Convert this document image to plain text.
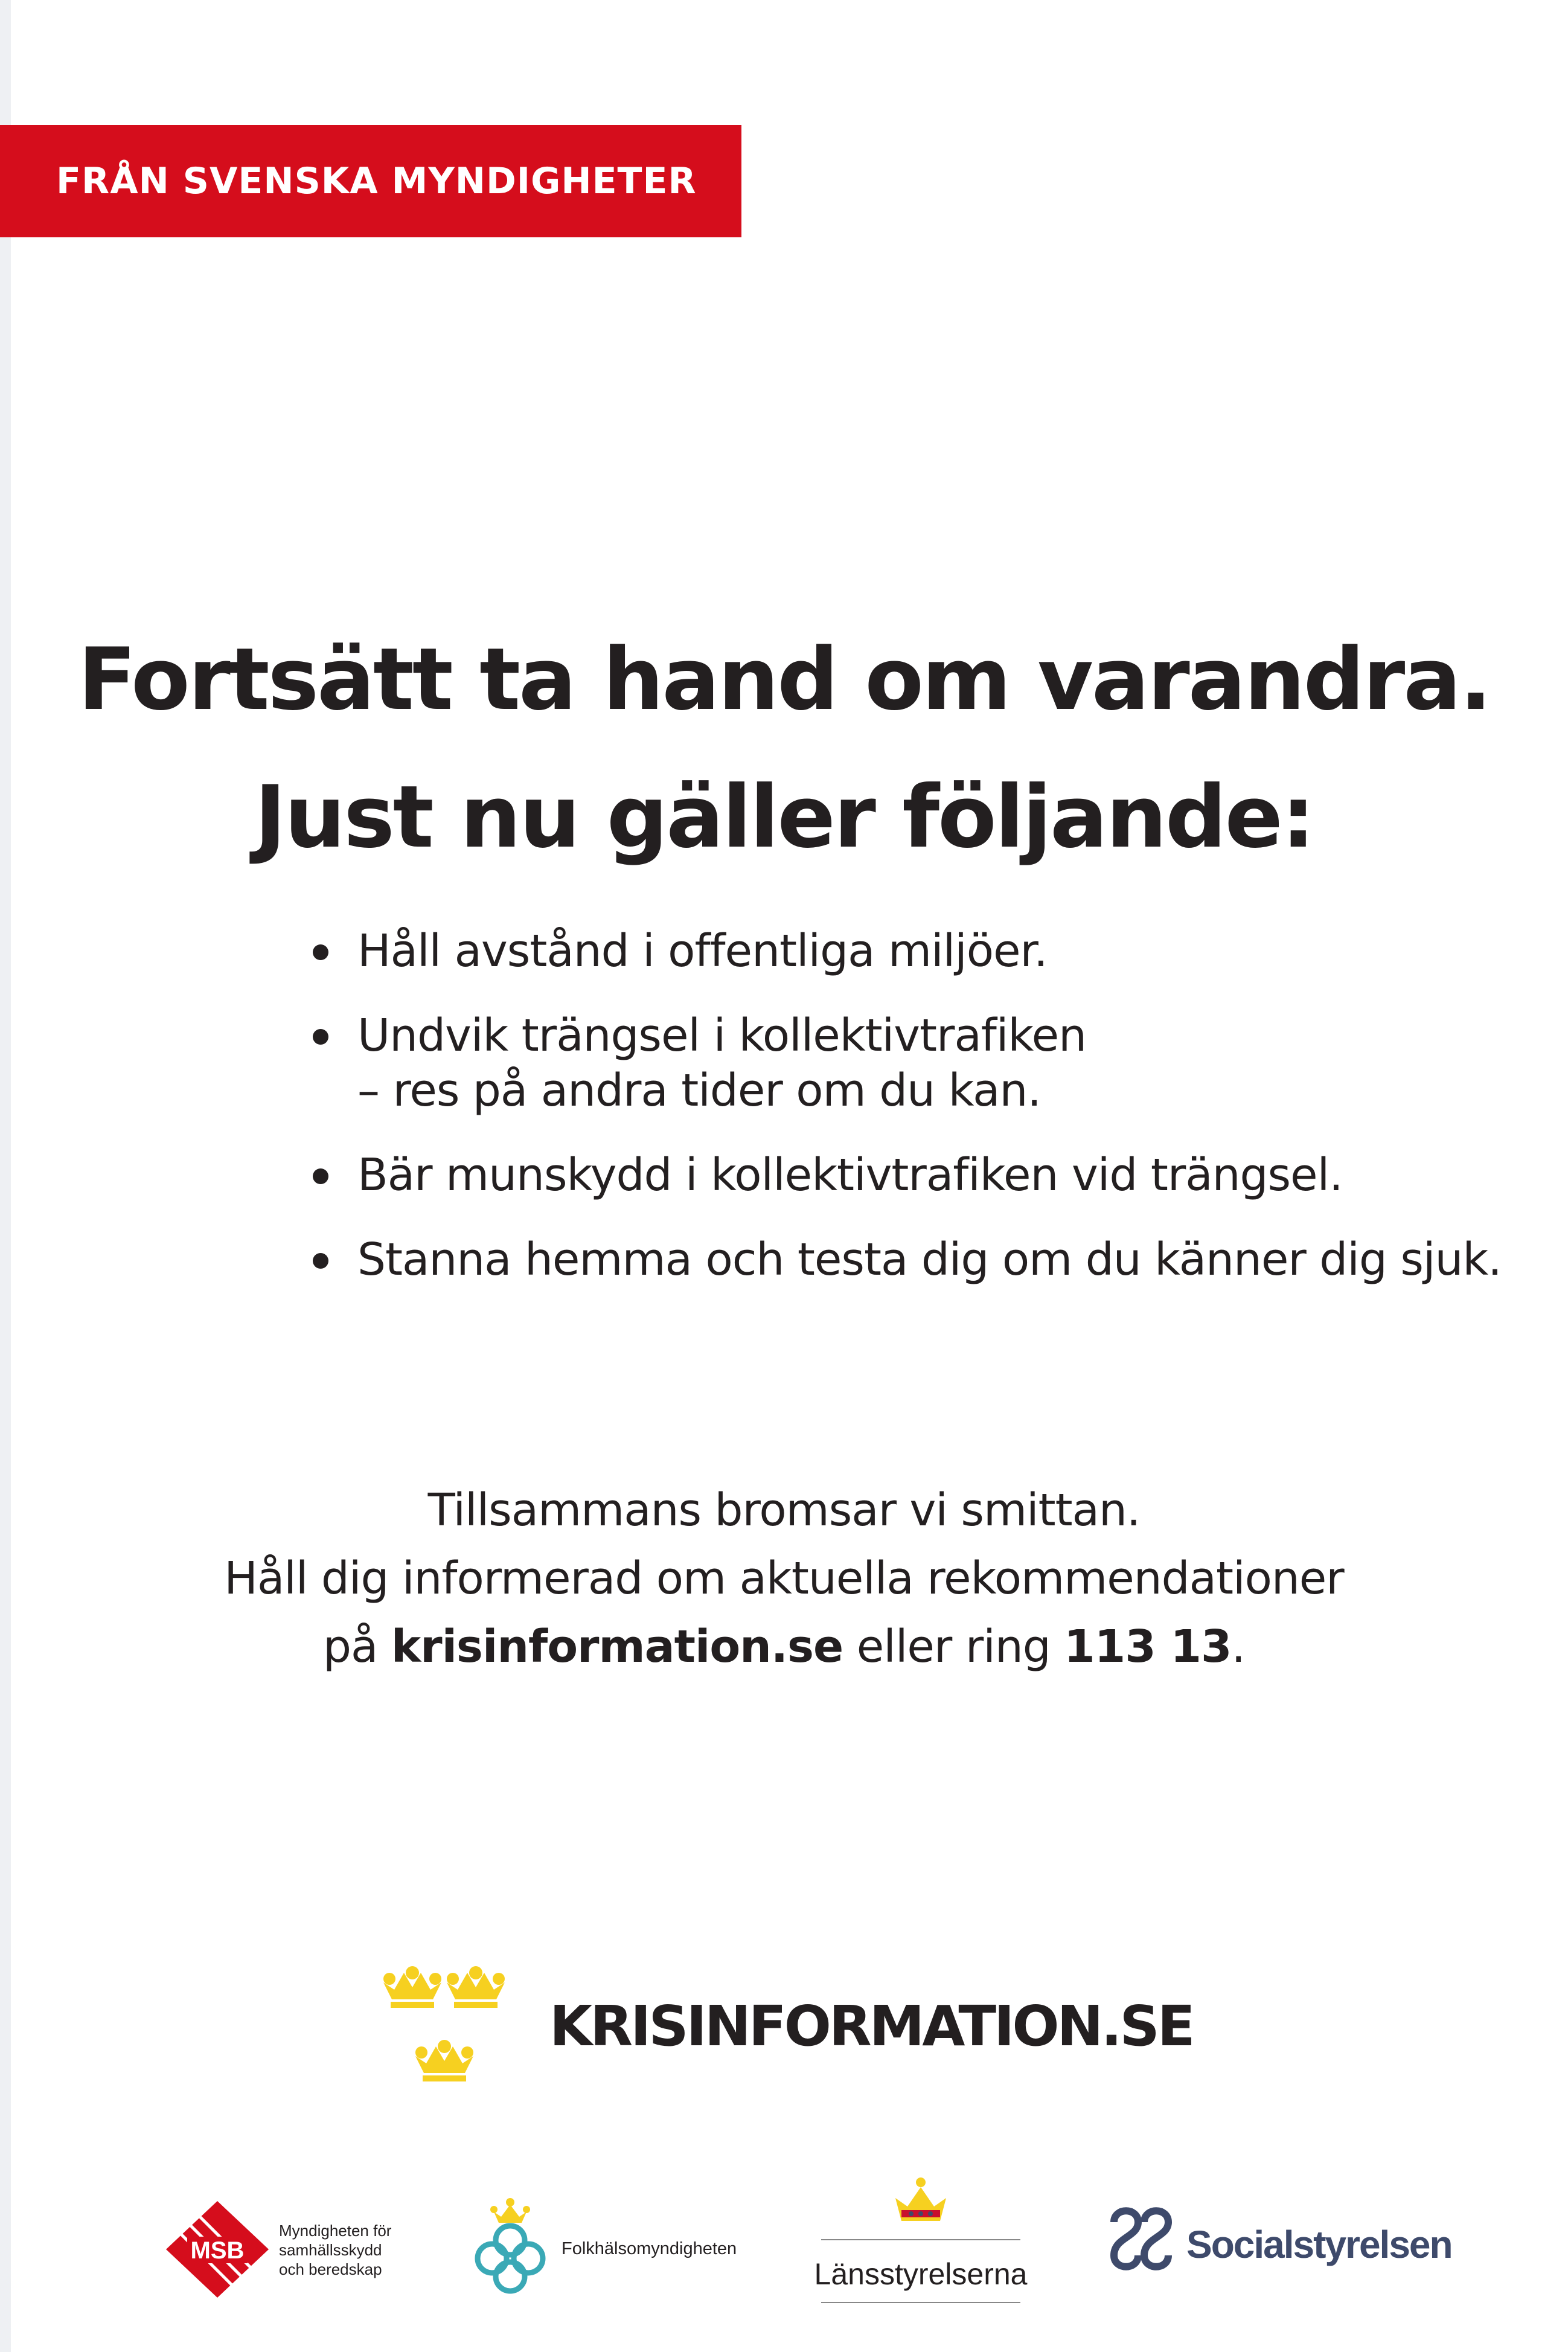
FRÅN SVENSKA MYNDIGHETER
Fortsätt ta hand om varandra.
Just nu gäller följande:
Håll avstånd i offentliga miljöer.
Undvik trängsel i kollektivtrafiken
– res på andra tider om du kan.
Bär munskydd i kollektivtrafiken vid trängsel.
Stanna hemma och testa dig om du känner dig sjuk.

Tillsammans bromsar vi smittan.

Håll dig informerad om aktuella rekommendationer

på krisinformation.se eller ring 113 13.

KRISINFORMATION.SE
MSB
Myndigheten för
samhällsskydd
och beredskap
Folkhälsomyndigheten
Länsstyrelserna
Socialstyrelsen
